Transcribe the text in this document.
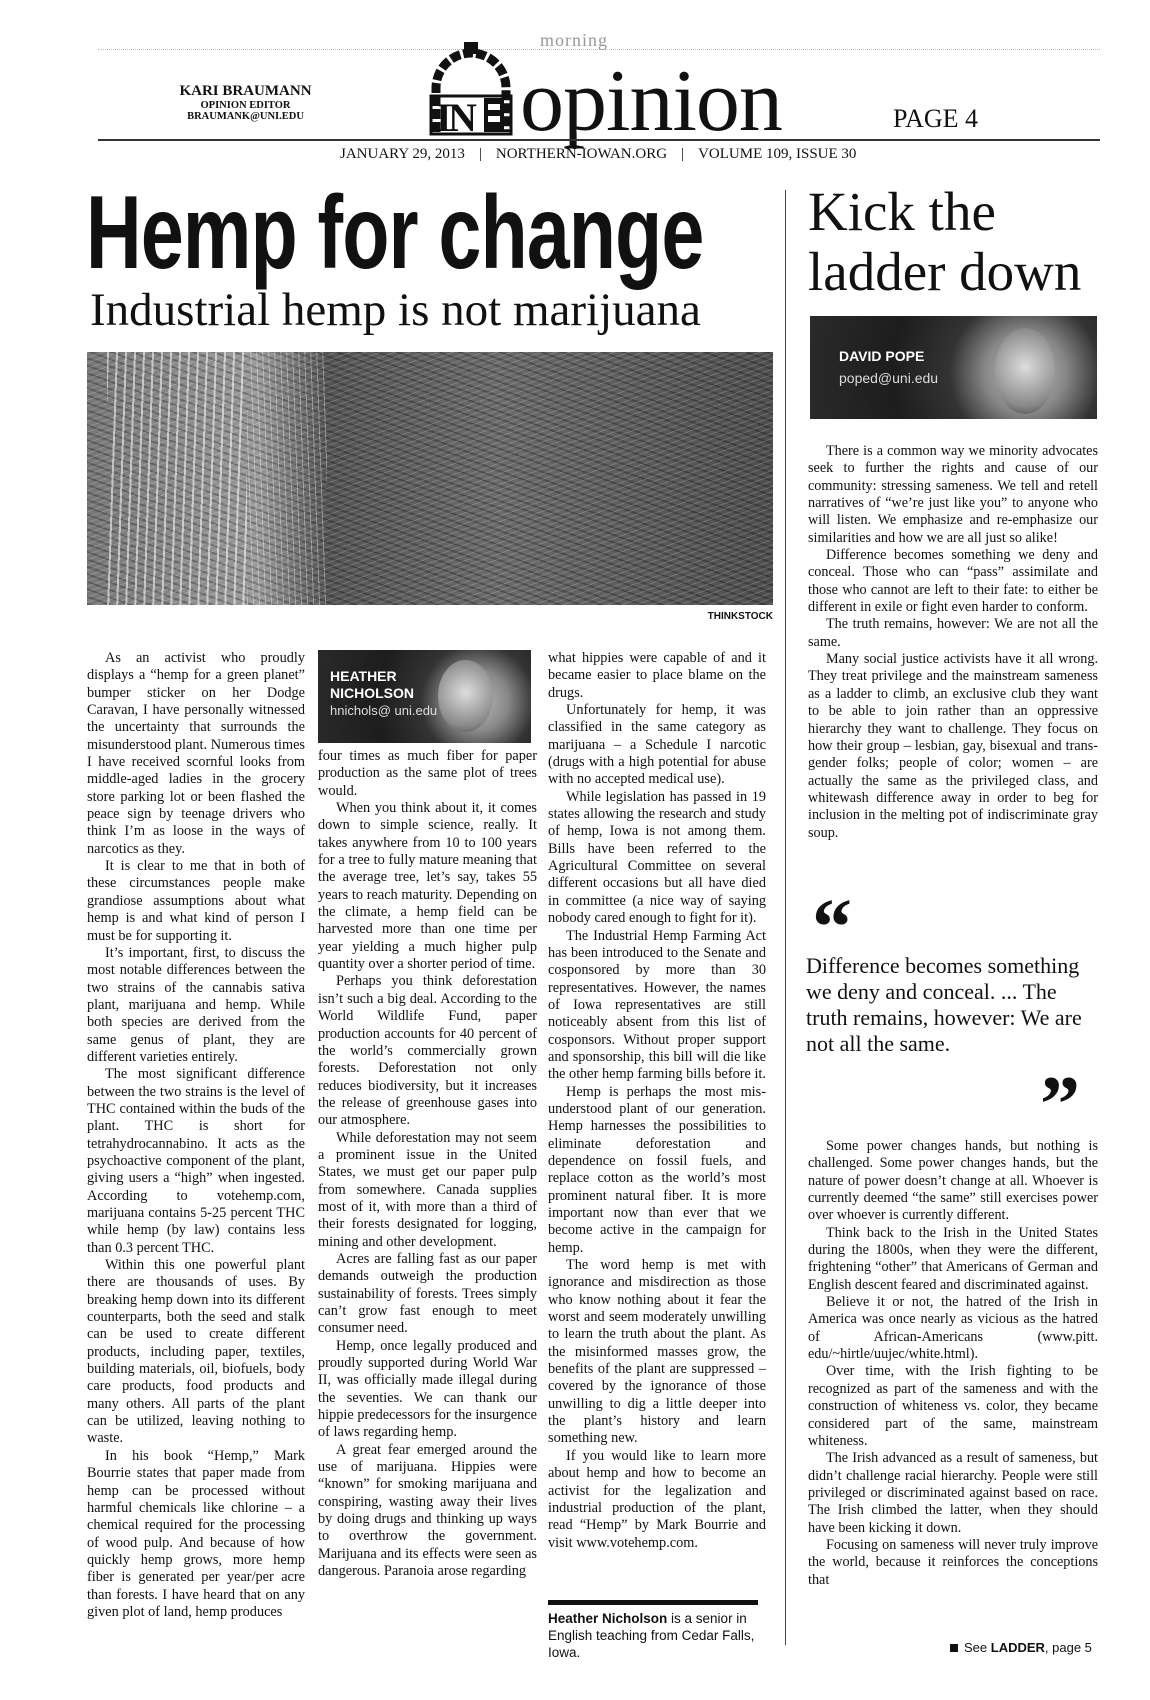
morning
KARI BRAUMANN
OPINION EDITOR
BRAUMANK@UNI.EDU	I
N opinion	PAGE 4
JANUARY 29, 2013 | NORTHERN-IOWAN.ORG | VOLUME 109, ISSUE 30
Hemp for change
Industrial hemp is not marijuana
THINKSTOCK

As an activist who proudly displays a “hemp for a green planet” bumper sticker on her Dodge Caravan, I have personally witnessed the uncertainty that surrounds the misunderstood plant. Numerous times I have received scornful looks from middle-aged ladies in the grocery store parking lot or been flashed the peace sign by teenage drivers who think I’m as loose in the ways of narcotics as they.

It is clear to me that in both of these circumstances people make grandiose assumptions about what hemp is and what kind of person I must be for supporting it.

It’s important, first, to discuss the most notable differences between the two strains of the cannabis sativa plant, marijuana and hemp. While both species are derived from the same genus of plant, they are different varieties entirely.

The most significant difference between the two strains is the level of THC contained within the buds of the plant. THC is short for tetrahydrocannabino. It acts as the psychoactive component of the plant, giving users a “high” when ingested. According to votehemp.com, marijuana contains 5-25 percent THC while hemp (by law) contains less than 0.3 percent THC.

Within this one powerful plant there are thousands of uses. By breaking hemp down into its different counterparts, both the seed and stalk can be used to create different products, including paper, textiles, building materials, oil, biofuels, body care products, food products and many others. All parts of the plant can be utilized, leaving nothing to waste.

In his book “Hemp,” Mark Bourrie states that paper made from hemp can be processed without harmful chemicals like chlorine – a chemical required for the processing of wood pulp. And because of how quickly hemp grows, more hemp fiber is generated per year/per acre than forests. I have heard that on any given plot of land, hemp produces

four times as much fiber for paper production as the same plot of trees would.

When you think about it, it comes down to simple science, really. It takes anywhere from 10 to 100 years for a tree to fully mature meaning that the average tree, let’s say, takes 55 years to reach maturity. Depending on the climate, a hemp field can be harvested more than one time per year yielding a much higher pulp quantity over a shorter period of time.

Perhaps you think deforestation isn’t such a big deal. According to the World Wildlife Fund, paper production accounts for 40 percent of the world’s commercially grown forests. Deforestation not only reduces biodiversity, but it increases the release of greenhouse gases into our atmosphere.

While deforestation may not seem a prominent issue in the United States, we must get our paper pulp from somewhere. Canada supplies most of it, with more than a third of their forests designated for logging, mining and other development.

Acres are falling fast as our paper demands outweigh the production sustainability of forests. Trees simply can’t grow fast enough to meet consumer need.

Hemp, once legally produced and proudly supported during World War II, was officially made illegal during the seventies. We can thank our hippie predecessors for the insurgence of laws regarding hemp.

A great fear emerged around the use of marijuana. Hippies were “known” for smoking marijuana and conspiring, wasting away their lives by doing drugs and thinking up ways to overthrow the government. Marijuana and its effects were seen as dangerous. Paranoia arose regarding

HEATHER NICHOLSON
hnichols@ uni.edu

what hippies were capable of and it became easier to place blame on the drugs.

Unfortunately for hemp, it was classified in the same category as marijuana – a Schedule I narcotic (drugs with a high potential for abuse with no accepted medical use).

While legislation has passed in 19 states allowing the research and study of hemp, Iowa is not among them. Bills have been referred to the Agricultural Committee on several different occasions but all have died in committee (a nice way of saying nobody cared enough to fight for it).

The Industrial Hemp Farming Act has been introduced to the Senate and cosponsored by more than 30 representatives. However, the names of Iowa representatives are still noticeably absent from this list of cosponsors. Without proper support and sponsorship, this bill will die like the other hemp farming bills before it.

Hemp is perhaps the most misunderstood plant of our generation. Hemp harnesses the possibilities to eliminate deforestation and dependence on fossil fuels, and replace cotton as the world’s most prominent natural fiber. It is more important now than ever that we become active in the campaign for hemp.

The word hemp is met with ignorance and misdirection as those who know nothing about it fear the worst and seem moderately unwilling to learn the truth about the plant. As the misinformed masses grow, the benefits of the plant are suppressed – covered by the ignorance of those unwilling to dig a little deeper into the plant’s history and learn something new.

If you would like to learn more about hemp and how to become an activist for the legalization and industrial production of the plant, read “Hemp” by Mark Bourrie and visit www.votehemp.com.

Heather Nicholson is a senior in English teaching from Cedar Falls, Iowa.
Kick the
ladder down
DAVID POPE
poped@uni.edu

There is a common way we minority advocates seek to further the rights and cause of our community: stressing sameness. We tell and retell narratives of “we’re just like you” to anyone who will listen. We emphasize and re-emphasize our similarities and how we are all just so alike!

Difference becomes something we deny and conceal. Those who can “pass” assimilate and those who cannot are left to their fate: to either be different in exile or fight even harder to conform.

The truth remains, however: We are not all the same.

Many social justice activists have it all wrong. They treat privilege and the mainstream sameness as a ladder to climb, an exclusive club they want to be able to join rather than an oppressive hierarchy they want to challenge. They focus on how their group – lesbian, gay, bisexual and transgender folks; people of color; women – are actually the same as the privileged class, and whitewash difference away in order to beg for inclusion in the melting pot of indiscriminate gray soup.

“
Difference becomes something we deny and conceal. ... The truth remains, however: We are not all the same.
”

Some power changes hands, but nothing is challenged. Some power changes hands, but the nature of power doesn’t change at all. Whoever is currently deemed “the same” still exercises power over whoever is currently different.

Think back to the Irish in the United States during the 1800s, when they were the different, frightening “other” that Americans of German and English descent feared and discriminated against.

Believe it or not, the hatred of the Irish in America was once nearly as vicious as the hatred of African-Americans (www.pitt.​edu/~hirtle/uujec/white.html).

Over time, with the Irish fighting to be recognized as part of the sameness and with the construction of whiteness vs. color, they became considered part of the same, mainstream whiteness.

The Irish advanced as a result of sameness, but didn’t challenge racial hierarchy. People were still privileged or discriminated against based on race. The Irish climbed the latter, when they should have been kicking it down.

Focusing on sameness will never truly improve the world, because it reinforces the conceptions that

See LADDER, page 5
